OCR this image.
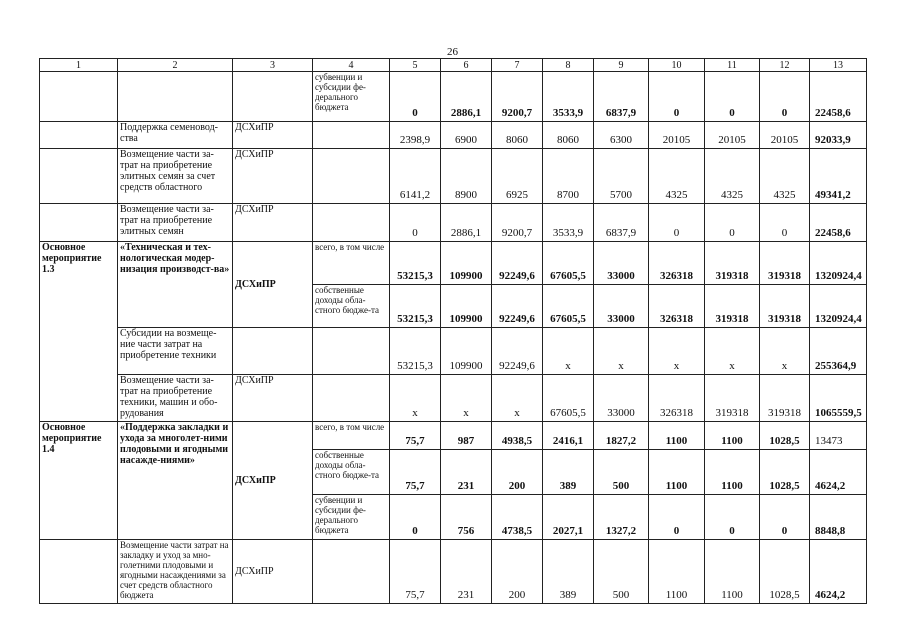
26
1	2	3	4	5	6	7	8	9	10	11	12	13
			субвенции и субсидии фе-дерального бюджета	0	2886,1	9200,7	3533,9	6837,9	0	0	0	22458,6
	Поддержка семеновод-ства	ДСХиПР		2398,9	6900	8060	8060	6300	20105	20105	20105	92033,9
	Возмещение части за-трат на приобретение элитных семян за счет средств областного	ДСХиПР		6141,2	8900	6925	8700	5700	4325	4325	4325	49341,2
	Возмещение части за-трат на приобретение элитных семян	ДСХиПР		0	2886,1	9200,7	3533,9	6837,9	0	0	0	22458,6
Основное мероприятие 1.3	«Техническая и тех-нологическая модер-низация производст-ва»	ДСХиПР	всего, в том числе	53215,3	109900	92249,6	67605,5	33000	326318	319318	319318	1320924,4
			собственные доходы обла-стного бюдже-та	53215,3	109900	92249,6	67605,5	33000	326318	319318	319318	1320924,4
	Субсидии на возмеще-ние части затрат на приобретение техники			53215,3	109900	92249,6	x	x	x	x	x	255364,9
	Возмещение части за-трат на приобретение техники, машин и обо-рудования	ДСХиПР		x	x	x	67605,5	33000	326318	319318	319318	1065559,5
Основное мероприятие 1.4	«Поддержка закладки и ухода за многолет-ними плодовыми и ягодными насажде-ниями»	ДСХиПР	всего, в том числе	75,7	987	4938,5	2416,1	1827,2	1100	1100	1028,5	13473
			собственные доходы обла-стного бюдже-та	75,7	231	200	389	500	1100	1100	1028,5	4624,2
			субвенции и субсидии фе-дерального бюджета	0	756	4738,5	2027,1	1327,2	0	0	0	8848,8
	Возмещение части затрат на закладку и уход за мно-голетними плодовыми и ягодными насаждениями за счет средств областного бюджета	ДСХиПР		75,7	231	200	389	500	1100	1100	1028,5	4624,2
